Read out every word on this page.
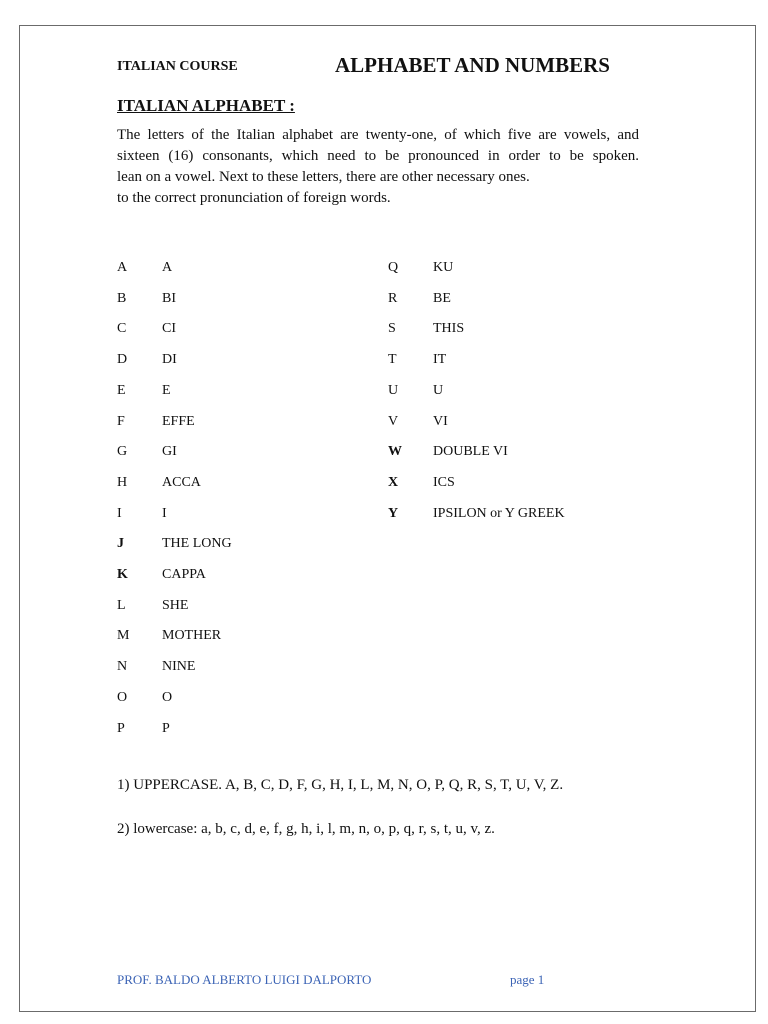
ITALIAN COURSE	ALPHABET AND NUMBERS
ITALIAN ALPHABET :
The letters of the Italian alphabet are twenty-one, of which five are vowels, and
sixteen (16) consonants, which need to be pronounced in order to be spoken.
lean on a vowel. Next to these letters, there are other necessary ones.
to the correct pronunciation of foreign words.
A	A
B	BI
C	CI
D	DI
E	E
F	EFFE
G	GI
H	ACCA
I	I
J	THE LONG
K	CAPPA
L	SHE
M	MOTHER
N	NINE
O	O
P	P
Q	KU
R	BE
S	THIS
T	IT
U	U
V	VI
W	DOUBLE VI
X	ICS
Y	IPSILON or Y GREEK
1) UPPERCASE. A, B, C, D, F, G, H, I, L, M, N, O, P, Q, R, S, T, U, V, Z.
2) lowercase: a, b, c, d, e, f, g, h, i, l, m, n, o, p, q, r, s, t, u, v, z.
PROF. BALDO ALBERTO LUIGI DALPORTO	page 1
